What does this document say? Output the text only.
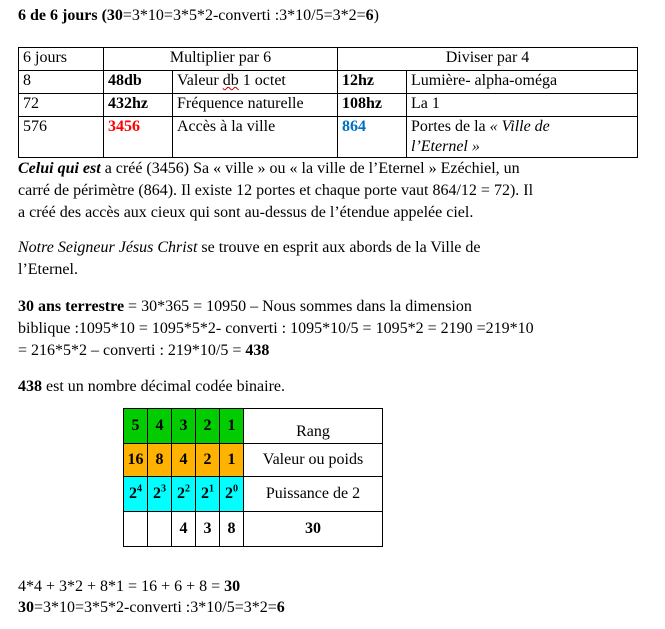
6 de 6 jours (30=3*10=3*5*2-converti :3*10/5=3*2=6)
6 jours	Multiplier par 6		Diviser par 4	
8	48db	Valeur db 1 octet	12hz	Lumière- alpha-oméga
72	432hz	Fréquence naturelle	108hz	La 1
576	3456	Accès à la ville	864	Portes de la « Ville de
l’Eternel »
Celui qui est a créé (3456) Sa « ville » ou « la ville de l’Eternel » Ezéchiel, un
carré de périmètre (864). Il existe 12 portes et chaque porte vaut 864/12 = 72). Il
a créé des accès aux cieux qui sont au-dessus de l’étendue appelée ciel.
Notre Seigneur Jésus Christ se trouve en esprit aux abords de la Ville de
l’Eternel.
30 ans terrestre = 30*365 = 10950 – Nous sommes dans la dimension
biblique :1095*10 = 1095*5*2- converti : 1095*10/5 = 1095*2 = 2190 =219*10
= 216*5*2 – converti : 219*10/5 = 438
438 est un nombre décimal codée binaire.
5	4	3	2	1	Rang
16	8	4	2	1	Valeur ou poids
$2^4$	$2^3$	$2^2$	$2^1$	$2^0$	Puissance de 2
		4	3	8	30
4*4 + 3*2 + 8*1 = 16 + 6 + 8 = 30
30=3*10=3*5*2-converti :3*10/5=3*2=6
